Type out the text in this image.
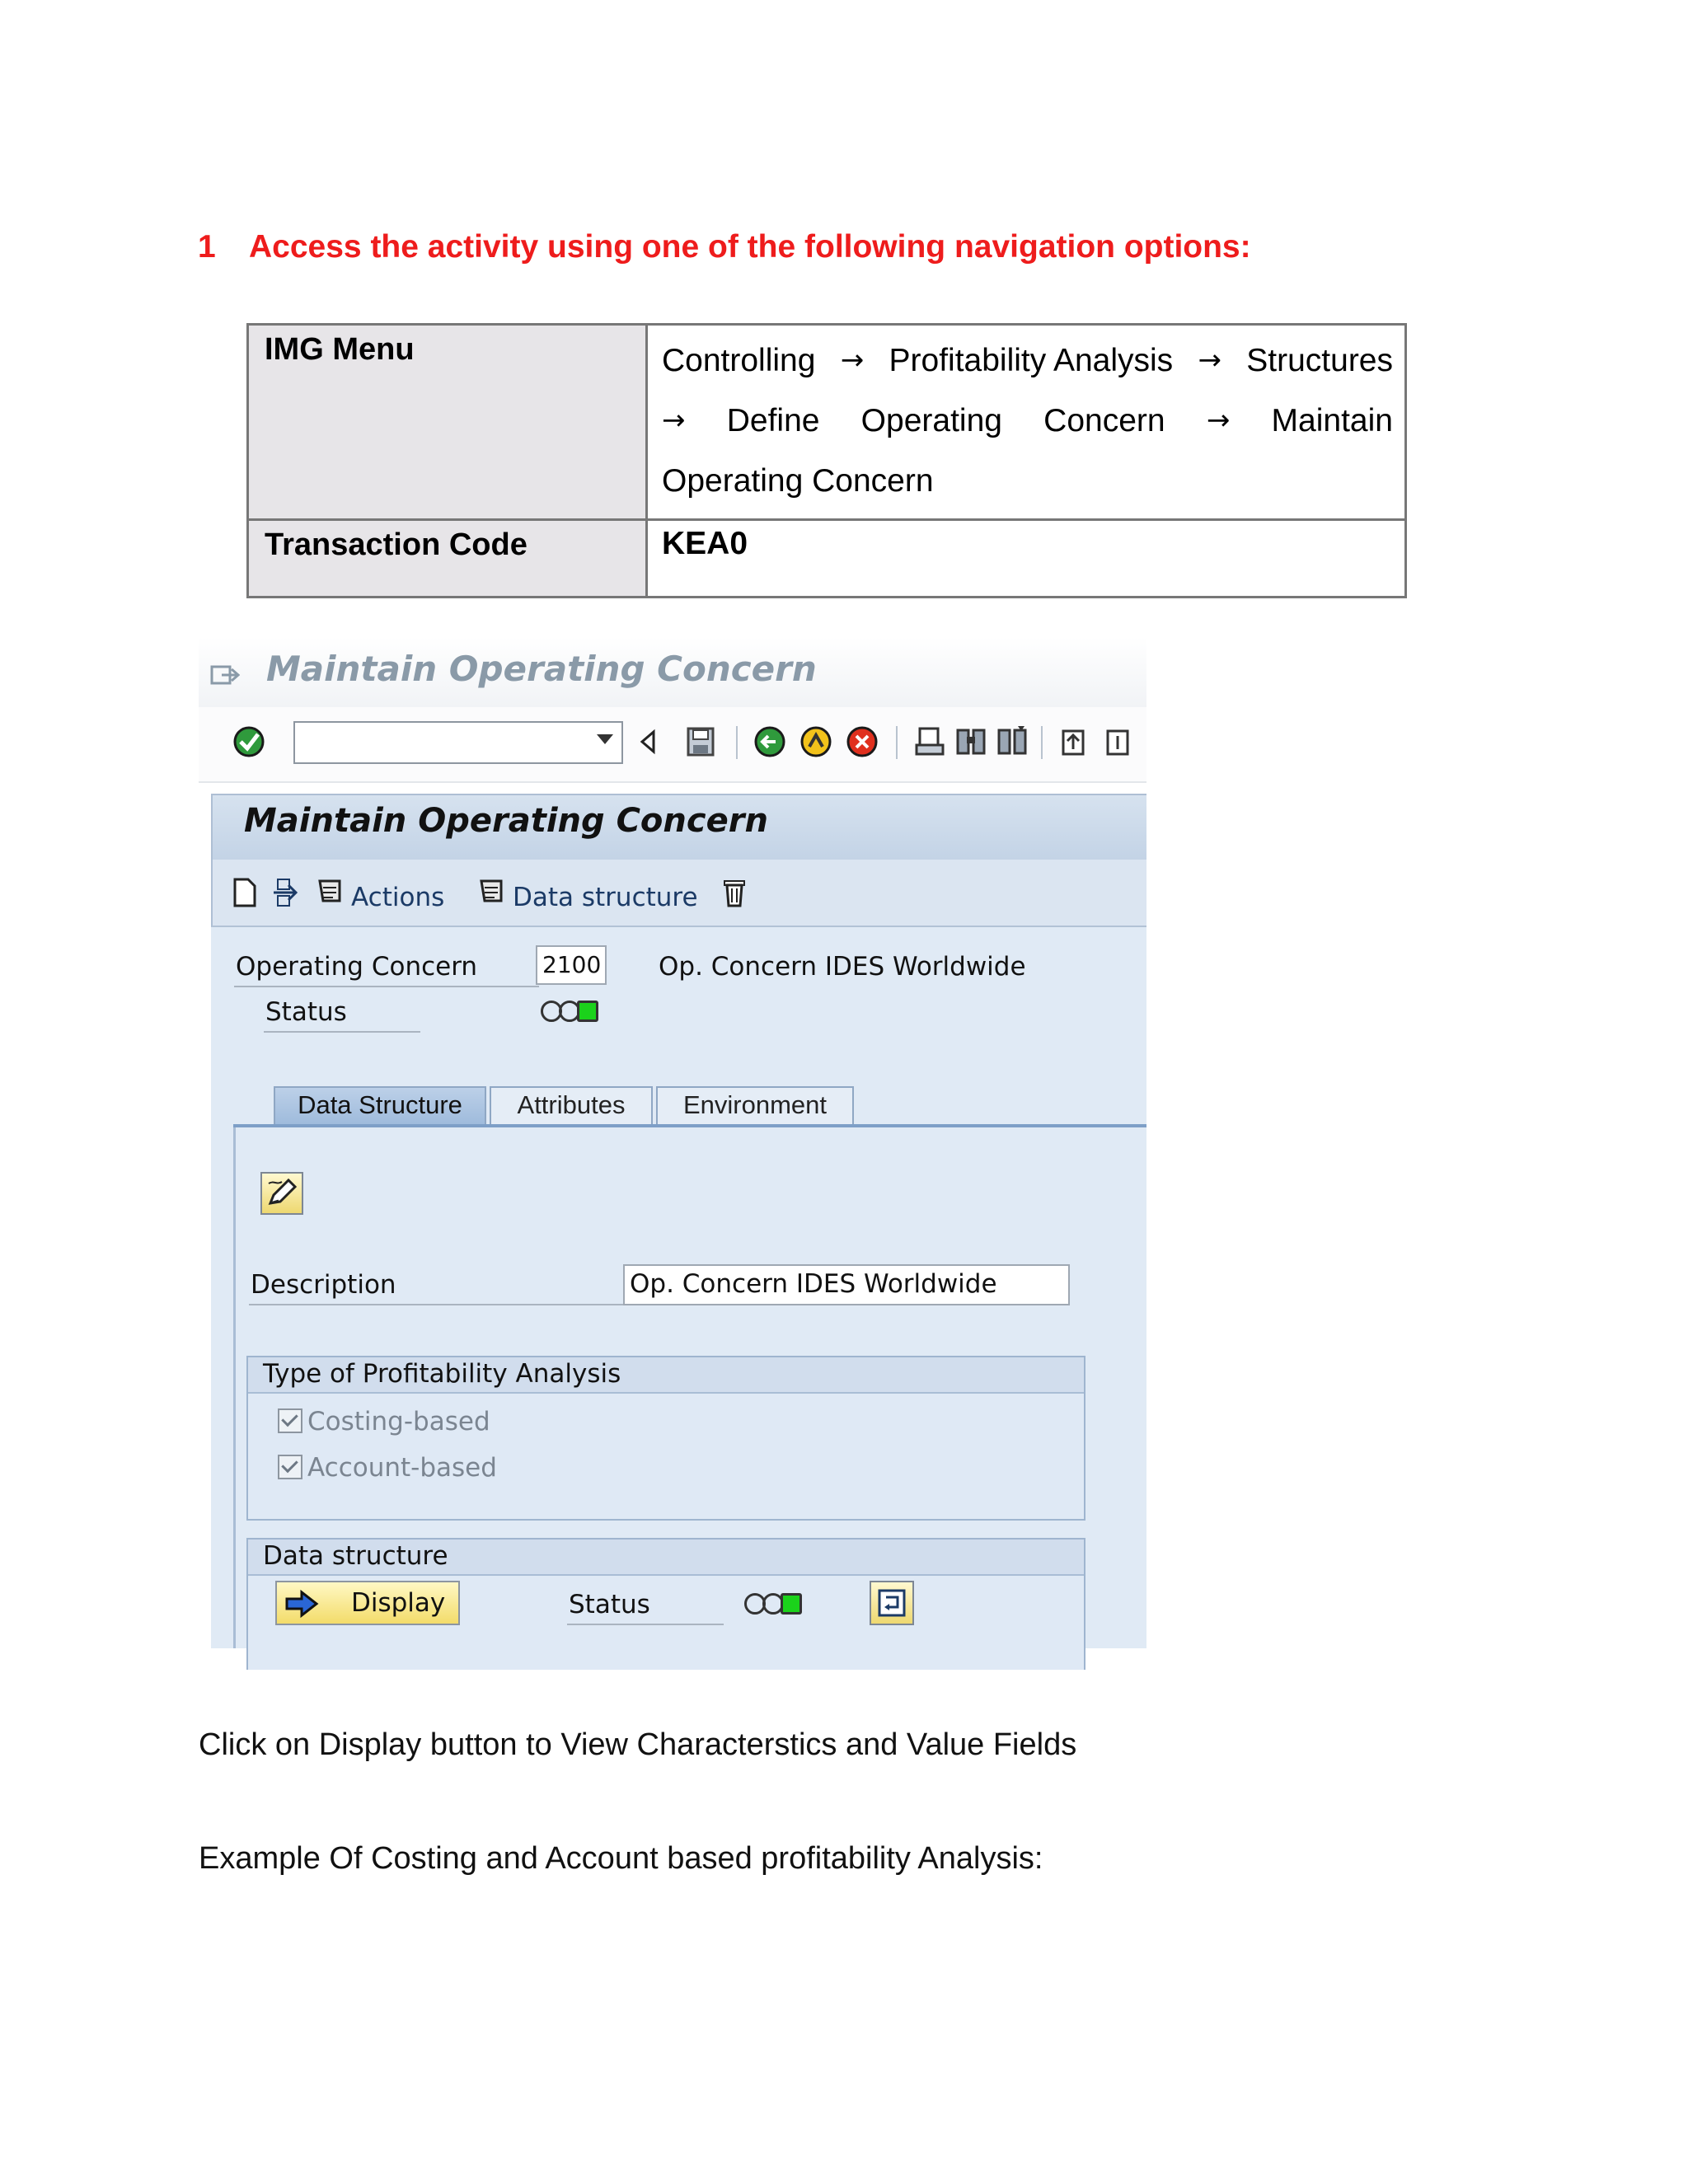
1 Access the activity using one of the following navigation options:
IMG Menu	Controlling → Profitability Analysis → Structures
→ Define Operating Concern → Maintain
Operating Concern
Transaction Code	KEA0
Maintain Operating Concern
Maintain Operating Concern
Actions	Data structure
Operating Concern	2100 Op. Concern IDES Worldwide
Status
Data Structure	Attributes	Environment
Description	Op. Concern IDES Worldwide
Type of Profitability Analysis
Costing-based
Account-based
Data structure
Display	Status
Click on Display button to View Characterstics and Value Fields
Example Of Costing and Account based profitability Analysis:
